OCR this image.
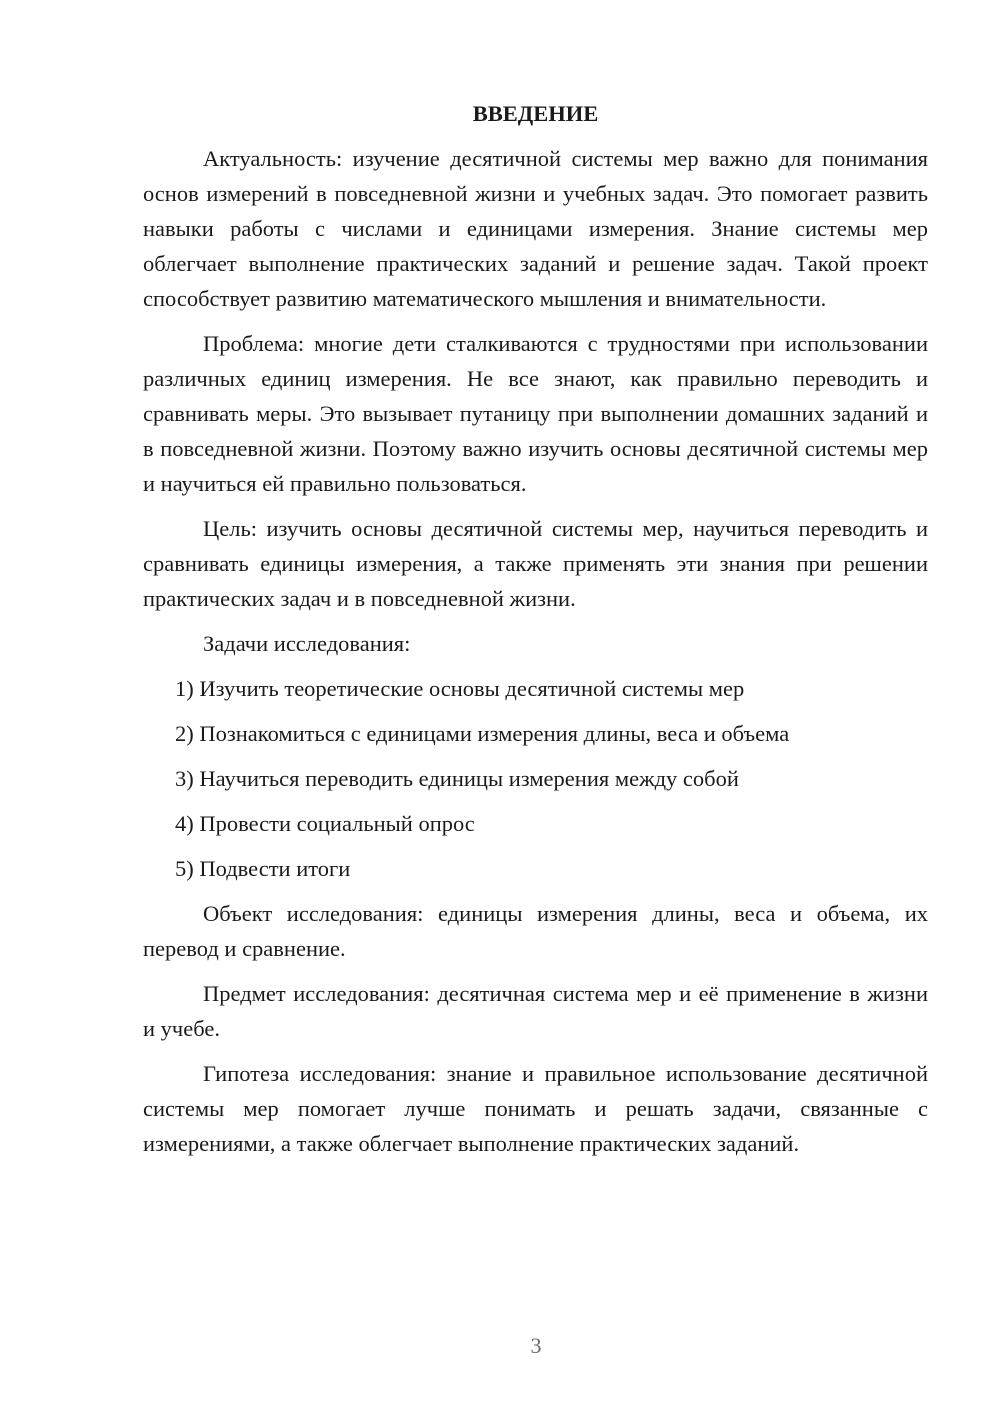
ВВЕДЕНИЕ

Актуальность: изучение десятичной системы мер важно для понимания основ измерений в повседневной жизни и учебных задач. Это помогает развить навыки работы с числами и единицами измерения. Знание системы мер облегчает выполнение практических заданий и решение задач. Такой проект способствует развитию математического мышления и внимательности.

Проблема: многие дети сталкиваются с трудностями при использовании различных единиц измерения. Не все знают, как правильно переводить и сравнивать меры. Это вызывает путаницу при выполнении домашних заданий и в повседневной жизни. Поэтому важно изучить основы десятичной системы мер и научиться ей правильно пользоваться.

Цель: изучить основы десятичной системы мер, научиться переводить и сравнивать единицы измерения, а также применять эти знания при решении практических задач и в повседневной жизни.

Задачи исследования:

1) Изучить теоретические основы десятичной системы мер
2) Познакомиться с единицами измерения длины, веса и объема
3) Научиться переводить единицы измерения между собой
4) Провести социальный опрос
5) Подвести итоги

Объект исследования: единицы измерения длины, веса и объема, их перевод и сравнение.

Предмет исследования: десятичная система мер и её применение в жизни и учебе.

Гипотеза исследования: знание и правильное использование десятичной системы мер помогает лучше понимать и решать задачи, связанные с измерениями, а также облегчает выполнение практических заданий.

3
